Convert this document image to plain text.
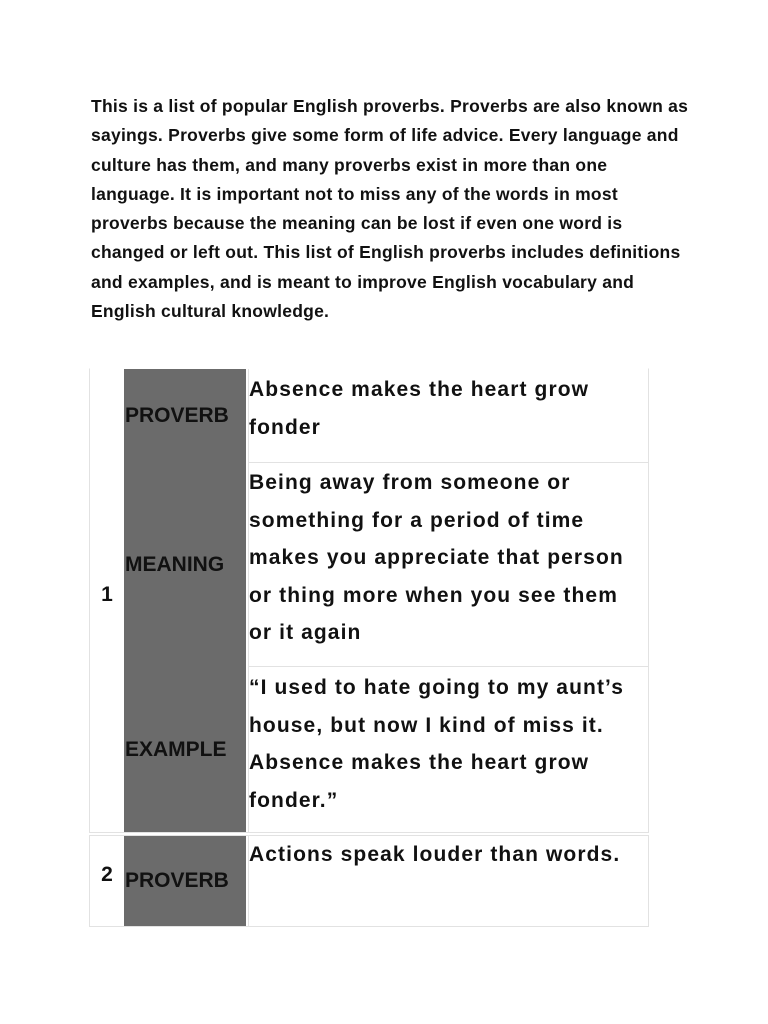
This is a list of popular English proverbs. Proverbs are also known as sayings. Proverbs give some form of life advice. Every language and culture has them, and many proverbs exist in more than one language. It is important not to miss any of the words in most proverbs because the meaning can be lost if even one word is changed or left out. This list of English proverbs includes definitions and examples, and is meant to improve English vocabulary and English cultural knowledge.

1
PROVERB
Absence makes the heart grow fonder
MEANING
Being away from someone or something for a period of time makes you appreciate that person or thing more when you see them or it again
EXAMPLE
“I used to hate going to my aunt’s house, but now I kind of miss it. Absence makes the heart grow fonder.”
2 PROVERB
Actions speak louder than words.
